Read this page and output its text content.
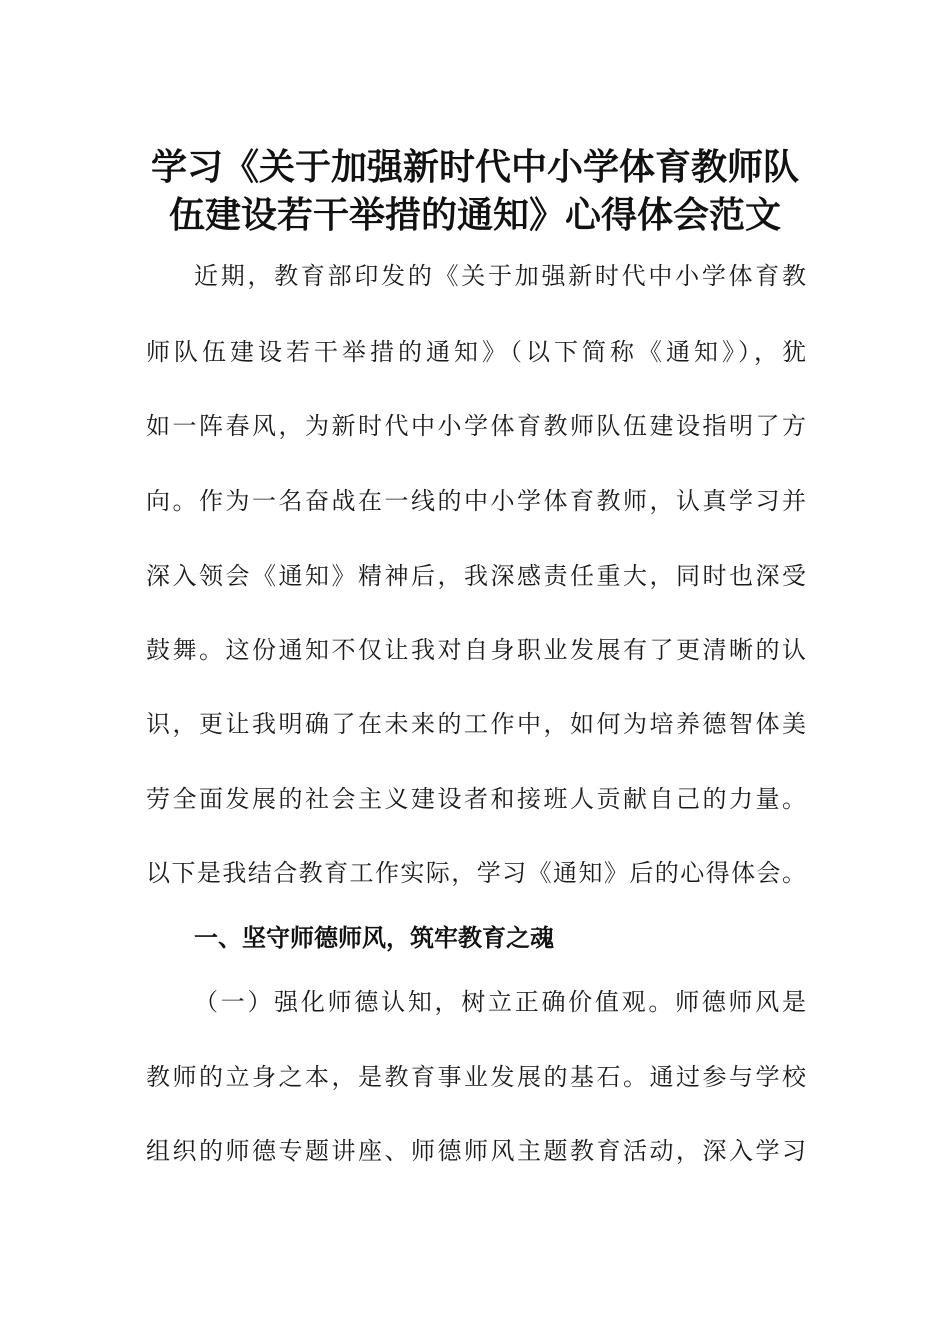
学习《关于加强新时代中小学体育教师队
伍建设若干举措的通知》心得体会范文

近期，教育部印发的《关于加强新时代中小学体育教

师队伍建设若干举措的通知》（以下简称《通知》），犹

如一阵春风，为新时代中小学体育教师队伍建设指明了方

向。作为一名奋战在一线的中小学体育教师，认真学习并

深入领会《通知》精神后，我深感责任重大，同时也深受

鼓舞。这份通知不仅让我对自身职业发展有了更清晰的认

识，更让我明确了在未来的工作中，如何为培养德智体美

劳全面发展的社会主义建设者和接班人贡献自己的力量。

以下是我结合教育工作实际，学习《通知》后的心得体会。

一、坚守师德师风，筑牢教育之魂

（一）强化师德认知，树立正确价值观。师德师风是

教师的立身之本，是教育事业发展的基石。通过参与学校

组织的师德专题讲座、师德师风主题教育活动，深入学习
